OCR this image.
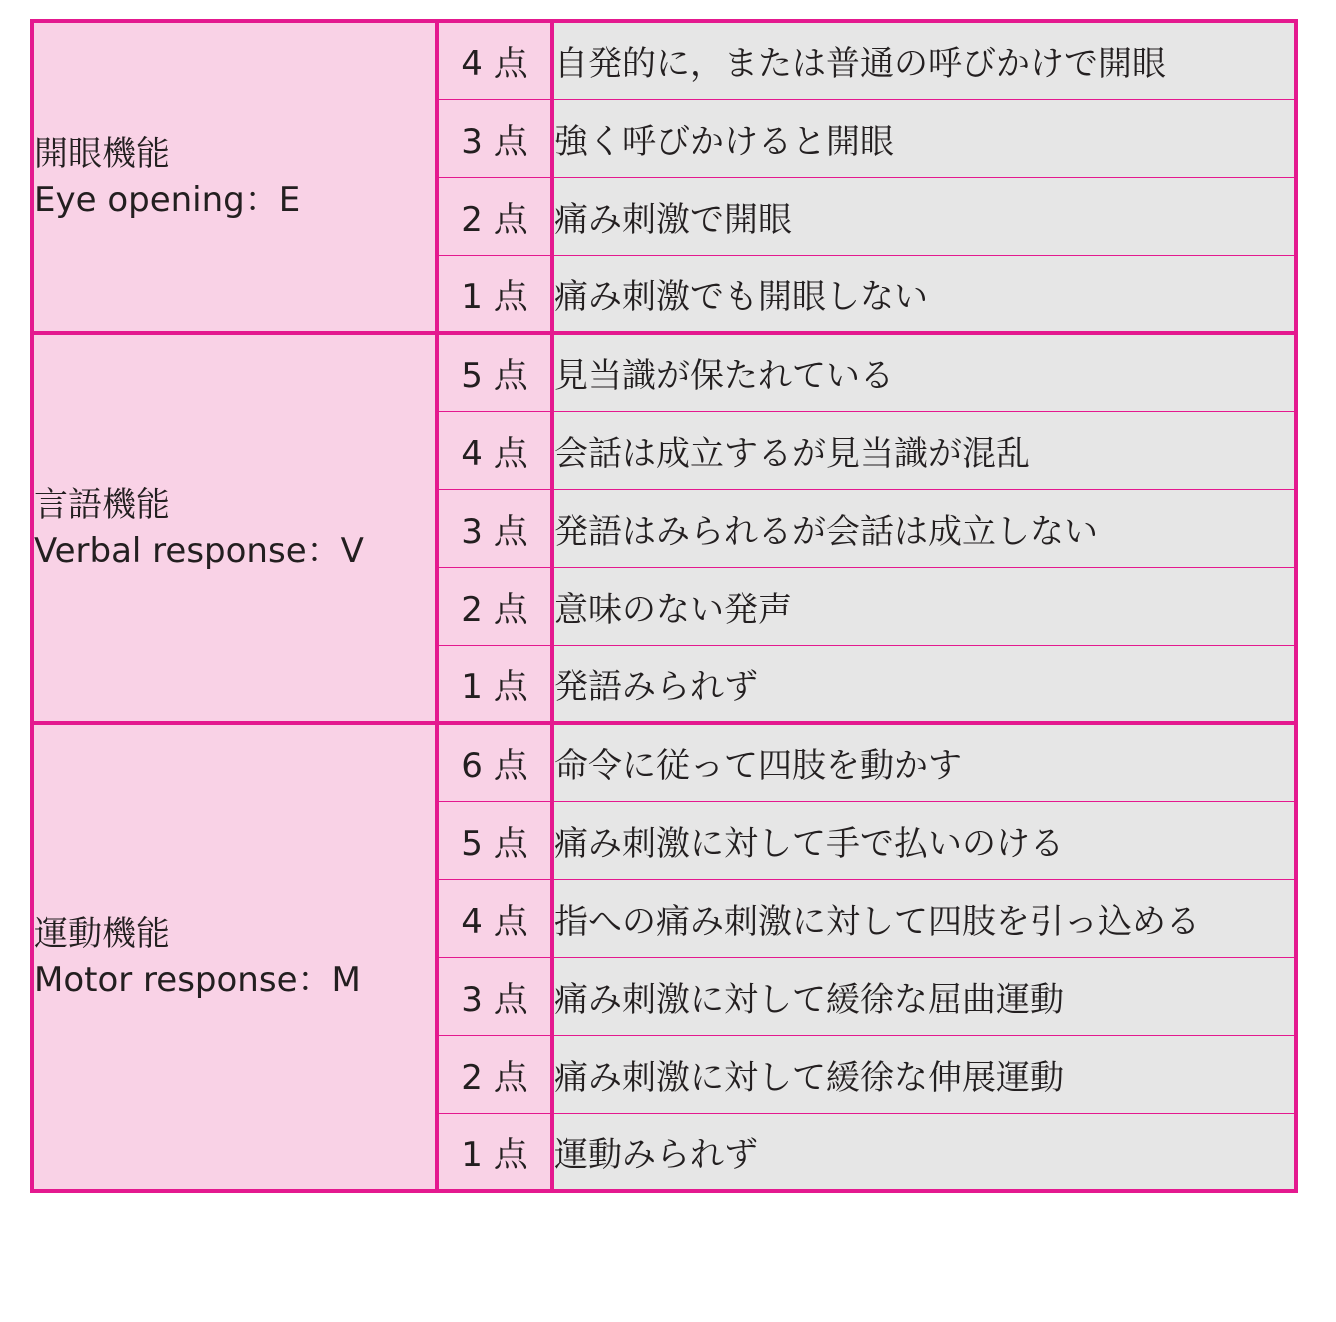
開眼機能
Eye opening：E	4 点	自発的に，または普通の呼びかけで開眼
	3 点	強く呼びかけると開眼
	2 点	痛み刺激で開眼
	1 点	痛み刺激でも開眼しない

言語機能
Verbal response：V	5 点	見当識が保たれている
	4 点	会話は成立するが見当識が混乱
	3 点	発語はみられるが会話は成立しない
	2 点	意味のない発声
	1 点	発語みられず

運動機能
Motor response：M	6 点	命令に従って四肢を動かす
	5 点	痛み刺激に対して手で払いのける
	4 点	指への痛み刺激に対して四肢を引っ込める
	3 点	痛み刺激に対して緩徐な屈曲運動
	2 点	痛み刺激に対して緩徐な伸展運動
	1 点	運動みられず
